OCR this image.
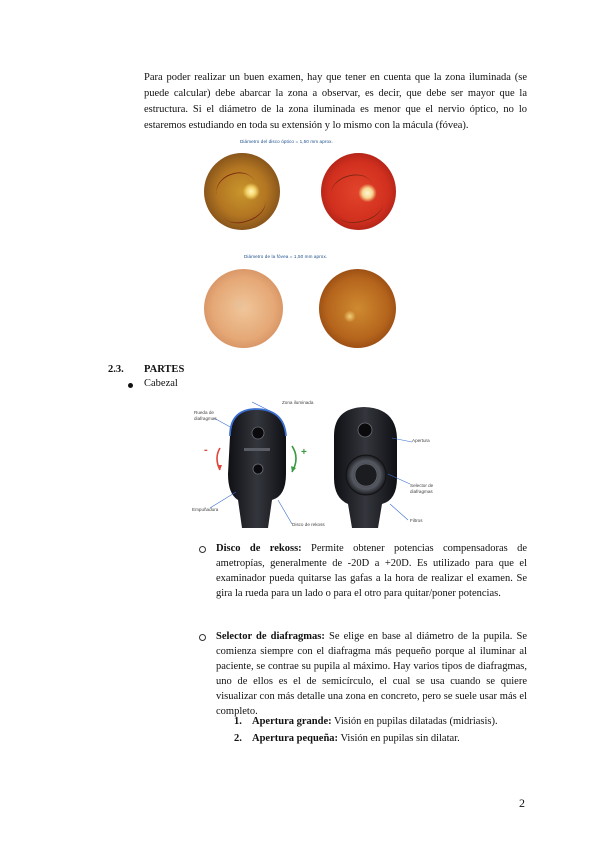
Para poder realizar un buen examen, hay que tener en cuenta que la zona iluminada (se puede calcular) debe abarcar la zona a observar, es decir, que debe ser mayor que la estructura. Si el diámetro de la zona iluminada es menor que el nervio óptico, no lo estaremos estudiando en toda su extensión y lo mismo con la mácula (fóvea).

Diámetro del disco óptico = 1,50 mm aprox.
Diámetro de la fóvea = 1,50 mm aprox.
2.3. PARTES
Cabezal
Zona iluminada
Rueda de
diafragmas
Empuñadura
Disco de rekoss
Apertura
Selector de
diafragmas
Filtros
-	+

Disco de rekoss: Permite obtener potencias compensadoras de ametropías, generalmente de -20D a +20D. Es utilizado para que el examinador pueda quitarse las gafas a la hora de realizar el examen. Se gira la rueda para un lado o para el otro para quitar/poner potencias.

Selector de diafragmas: Se elige en base al diámetro de la pupila. Se comienza siempre con el diafragma más pequeño porque al iluminar al paciente, se contrae su pupila al máximo. Hay varios tipos de diafragmas, uno de ellos es el de semicírculo, el cual se usa cuando se quiere visualizar con más detalle una zona en concreto, pero se suele usar más el completo.

1. Apertura grande: Visión en pupilas dilatadas (midriasis).
2. Apertura pequeña: Visión en pupilas sin dilatar.
2
